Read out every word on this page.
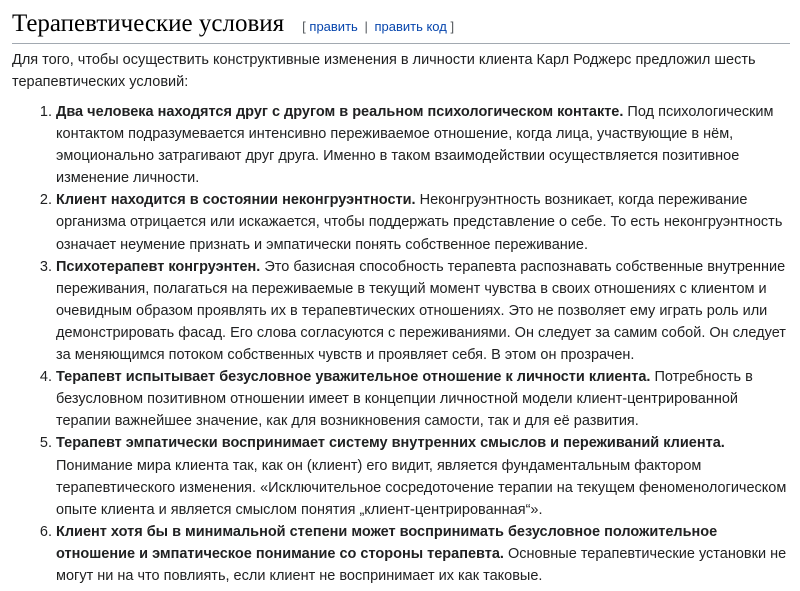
Терапевтические условия [ править | править код ]

Для того, чтобы осуществить конструктивные изменения в личности клиента Карл Роджерс предложил шесть терапевтических условий:

1. Два человека находятся друг с другом в реальном психологическом контакте. Под психологическим контактом подразумевается интенсивно переживаемое отношение, когда лица, участвующие в нём, эмоционально затрагивают друг друга. Именно в таком взаимодействии осуществляется позитивное изменение личности.
2. Клиент находится в состоянии неконгруэнтности. Неконгруэнтность возникает, когда переживание организма отрицается или искажается, чтобы поддержать представление о себе. То есть неконгруэнтность означает неумение признать и эмпатически понять собственное переживание.
3. Психотерапевт конгруэнтен. Это базисная способность терапевта распознавать собственные внутренние переживания, полагаться на переживаемые в текущий момент чувства в своих отношениях с клиентом и очевидным образом проявлять их в терапевтических отношениях. Это не позволяет ему играть роль или демонстрировать фасад. Его слова согласуются с переживаниями. Он следует за самим собой. Он следует за меняющимся потоком собственных чувств и проявляет себя. В этом он прозрачен.
4. Терапевт испытывает безусловное уважительное отношение к личности клиента. Потребность в безусловном позитивном отношении имеет в концепции личностной модели клиент-центрированной терапии важнейшее значение, как для возникновения самости, так и для её развития.
5. Терапевт эмпатически воспринимает систему внутренних смыслов и переживаний клиента. Понимание мира клиента так, как он (клиент) его видит, является фундаментальным фактором терапевтического изменения. «Исключительное сосредоточение терапии на текущем феноменологическом опыте клиента и является смыслом понятия „клиент-центрированная“».
6. Клиент хотя бы в минимальной степени может воспринимать безусловное положительное отношение и эмпатическое понимание со стороны терапевта. Основные терапевтические установки не могут ни на что повлиять, если клиент не воспринимает их как таковые.
